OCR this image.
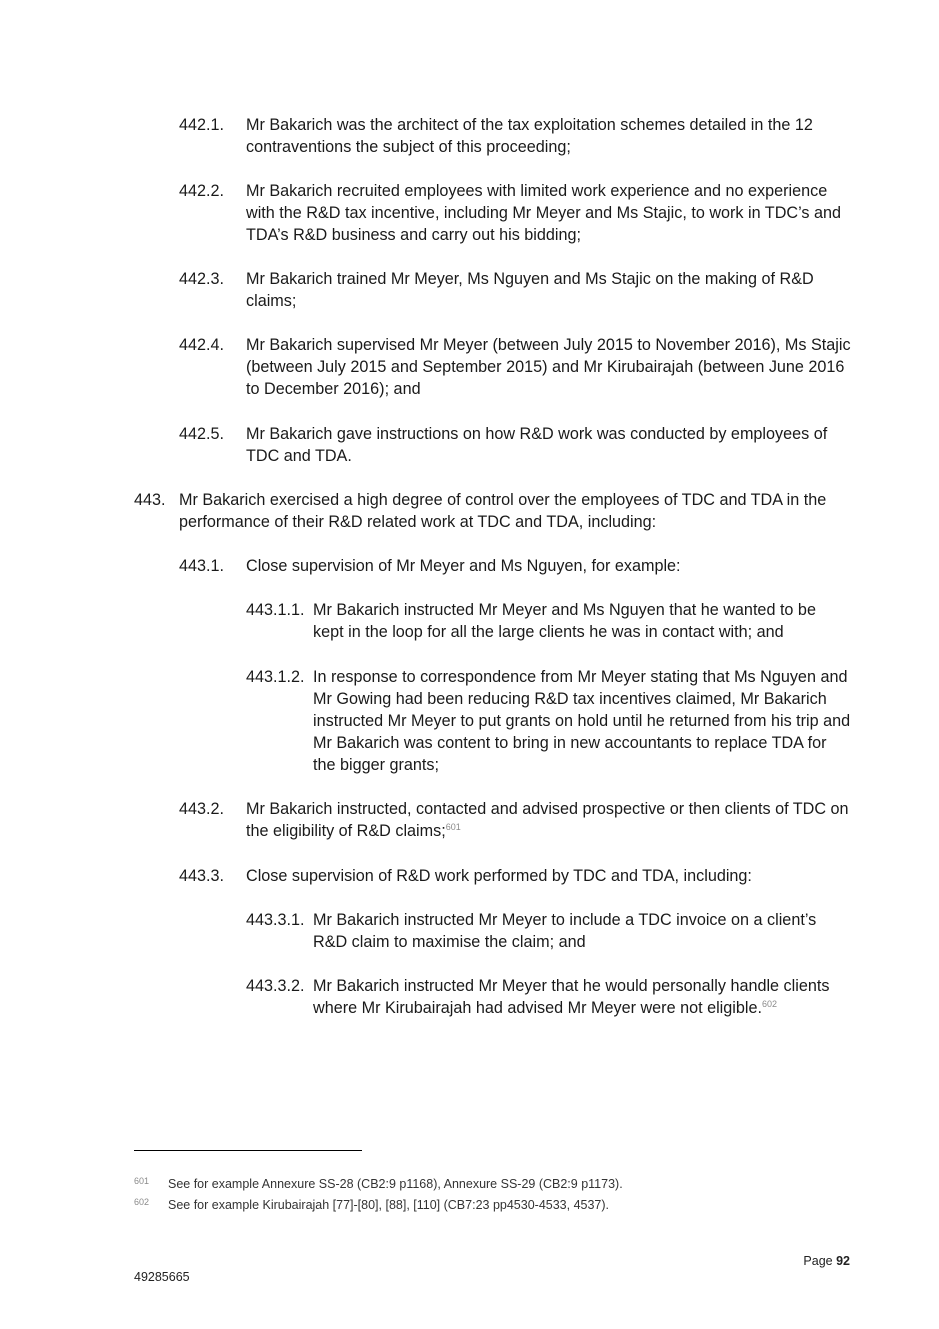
442.1. Mr Bakarich was the architect of the tax exploitation schemes detailed in the 12 contraventions the subject of this proceeding;
442.2. Mr Bakarich recruited employees with limited work experience and no experience with the R&D tax incentive, including Mr Meyer and Ms Stajic, to work in TDC’s and TDA’s R&D business and carry out his bidding;
442.3. Mr Bakarich trained Mr Meyer, Ms Nguyen and Ms Stajic on the making of R&D claims;
442.4. Mr Bakarich supervised Mr Meyer (between July 2015 to November 2016), Ms Stajic (between July 2015 and September 2015) and Mr Kirubairajah (between June 2016 to December 2016); and
442.5. Mr Bakarich gave instructions on how R&D work was conducted by employees of TDC and TDA.
443. Mr Bakarich exercised a high degree of control over the employees of TDC and TDA in the performance of their R&D related work at TDC and TDA, including:
443.1. Close supervision of Mr Meyer and Ms Nguyen, for example:
443.1.1. Mr Bakarich instructed Mr Meyer and Ms Nguyen that he wanted to be kept in the loop for all the large clients he was in contact with; and
443.1.2. In response to correspondence from Mr Meyer stating that Ms Nguyen and Mr Gowing had been reducing R&D tax incentives claimed, Mr Bakarich instructed Mr Meyer to put grants on hold until he returned from his trip and Mr Bakarich was content to bring in new accountants to replace TDA for the bigger grants;
443.2. Mr Bakarich instructed, contacted and advised prospective or then clients of TDC on the eligibility of R&D claims;$^{601}$
443.3. Close supervision of R&D work performed by TDC and TDA, including:
443.3.1. Mr Bakarich instructed Mr Meyer to include a TDC invoice on a client’s R&D claim to maximise the claim; and
443.3.2. Mr Bakarich instructed Mr Meyer that he would personally handle clients where Mr Kirubairajah had advised Mr Meyer were not eligible.$^{602}$
601 See for example Annexure SS-28 (CB2:9 p1168), Annexure SS-29 (CB2:9 p1173).
602 See for example Kirubairajah [77]-[80], [88], [110] (CB7:23 pp4530-4533, 4537).
Page 92
49285665
